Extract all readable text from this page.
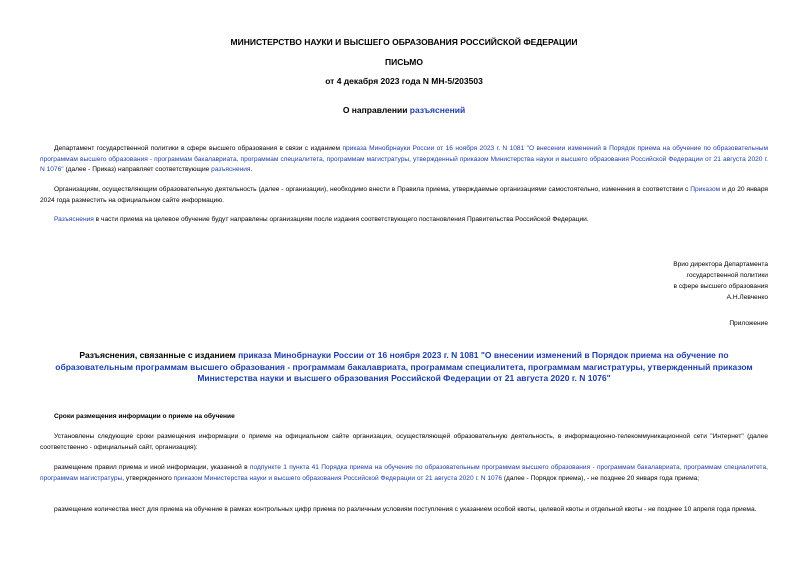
МИНИСТЕРСТВО НАУКИ И ВЫСШЕГО ОБРАЗОВАНИЯ РОССИЙСКОЙ ФЕДЕРАЦИИ
ПИСЬМО
от 4 декабря 2023 года N МН-5/203503
О направлении разъяснений
Департамент государственной политики в сфере высшего образования в связи с изданием приказа Минобрнауки России от 16 ноября 2023 г. N 1081 "О внесении изменений в Порядок приема на обучение по образовательным программам высшего образования - программам бакалавриата, программам специалитета, программам магистратуры, утвержденный приказом Министерства науки и высшего образования Российской Федерации от 21 августа 2020 г. N 1076" (далее - Приказ) направляет соответствующие разъяснения.
Организациям, осуществляющим образовательную деятельность (далее - организации), необходимо внести в Правила приема, утверждаемые организациями самостоятельно, изменения в соответствии с Приказом и до 20 января 2024 года разместить на официальном сайте информацию.
Разъяснения в части приема на целевое обучение будут направлены организациям после издания соответствующего постановления Правительства Российской Федерации.
Врио директора Департамента
государственной политики
в сфере высшего образования
А.Н.Левченко
Приложение
Разъяснения, связанные с изданием приказа Минобрнауки России от 16 ноября 2023 г. N 1081 "О внесении изменений в Порядок приема на обучение по образовательным программам высшего образования - программам бакалавриата, программам специалитета, программам магистратуры, утвержденный приказом Министерства науки и высшего образования Российской Федерации от 21 августа 2020 г. N 1076"
Сроки размещения информации о приеме на обучение
Установлены следующие сроки размещения информации о приеме на официальном сайте организации, осуществляющей образовательную деятельность, в информационно-телекоммуникационной сети "Интернет" (далее соответственно - официальный сайт, организация):
размещение правил приема и иной информации, указанной в подпункте 1 пункта 41 Порядка приема на обучение по образовательным программам высшего образования - программам бакалавриата, программам специалитета, программам магистратуры, утвержденного приказом Министерства науки и высшего образования Российской Федерации от 21 августа 2020 г. N 1076 (далее - Порядок приема), - не позднее 20 января года приема;
размещение количества мест для приема на обучение в рамках контрольных цифр приема по различным условиям поступления с указанием особой квоты, целевой квоты и отдельной квоты - не позднее 10 апреля года приема.
